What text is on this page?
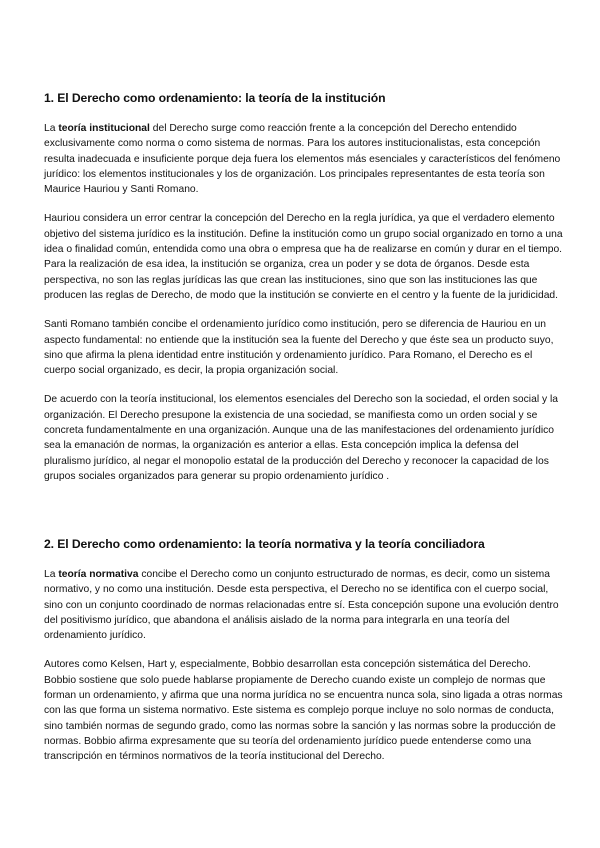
1. El Derecho como ordenamiento: la teoría de la institución

La teoría institucional del Derecho surge como reacción frente a la concepción del Derecho entendido exclusivamente como norma o como sistema de normas. Para los autores institucionalistas, esta concepción resulta inadecuada e insuficiente porque deja fuera los elementos más esenciales y característicos del fenómeno jurídico: los elementos institucionales y los de organización. Los principales representantes de esta teoría son Maurice Hauriou y Santi Romano.

Hauriou considera un error centrar la concepción del Derecho en la regla jurídica, ya que el verdadero elemento objetivo del sistema jurídico es la institución. Define la institución como un grupo social organizado en torno a una idea o finalidad común, entendida como una obra o empresa que ha de realizarse en común y durar en el tiempo. Para la realización de esa idea, la institución se organiza, crea un poder y se dota de órganos. Desde esta perspectiva, no son las reglas jurídicas las que crean las instituciones, sino que son las instituciones las que producen las reglas de Derecho, de modo que la institución se convierte en el centro y la fuente de la juridicidad.

Santi Romano también concibe el ordenamiento jurídico como institución, pero se diferencia de Hauriou en un aspecto fundamental: no entiende que la institución sea la fuente del Derecho y que éste sea un producto suyo, sino que afirma la plena identidad entre institución y ordenamiento jurídico. Para Romano, el Derecho es el cuerpo social organizado, es decir, la propia organización social.

De acuerdo con la teoría institucional, los elementos esenciales del Derecho son la sociedad, el orden social y la organización. El Derecho presupone la existencia de una sociedad, se manifiesta como un orden social y se concreta fundamentalmente en una organización. Aunque una de las manifestaciones del ordenamiento jurídico sea la emanación de normas, la organización es anterior a ellas. Esta concepción implica la defensa del pluralismo jurídico, al negar el monopolio estatal de la producción del Derecho y reconocer la capacidad de los grupos sociales organizados para generar su propio ordenamiento jurídico .

2. El Derecho como ordenamiento: la teoría normativa y la teoría conciliadora

La teoría normativa concibe el Derecho como un conjunto estructurado de normas, es decir, como un sistema normativo, y no como una institución. Desde esta perspectiva, el Derecho no se identifica con el cuerpo social, sino con un conjunto coordinado de normas relacionadas entre sí. Esta concepción supone una evolución dentro del positivismo jurídico, que abandona el análisis aislado de la norma para integrarla en una teoría del ordenamiento jurídico.

Autores como Kelsen, Hart y, especialmente, Bobbio desarrollan esta concepción sistemática del Derecho. Bobbio sostiene que solo puede hablarse propiamente de Derecho cuando existe un complejo de normas que forman un ordenamiento, y afirma que una norma jurídica no se encuentra nunca sola, sino ligada a otras normas con las que forma un sistema normativo. Este sistema es complejo porque incluye no solo normas de conducta, sino también normas de segundo grado, como las normas sobre la sanción y las normas sobre la producción de normas. Bobbio afirma expresamente que su teoría del ordenamiento jurídico puede entenderse como una transcripción en términos normativos de la teoría institucional del Derecho.
